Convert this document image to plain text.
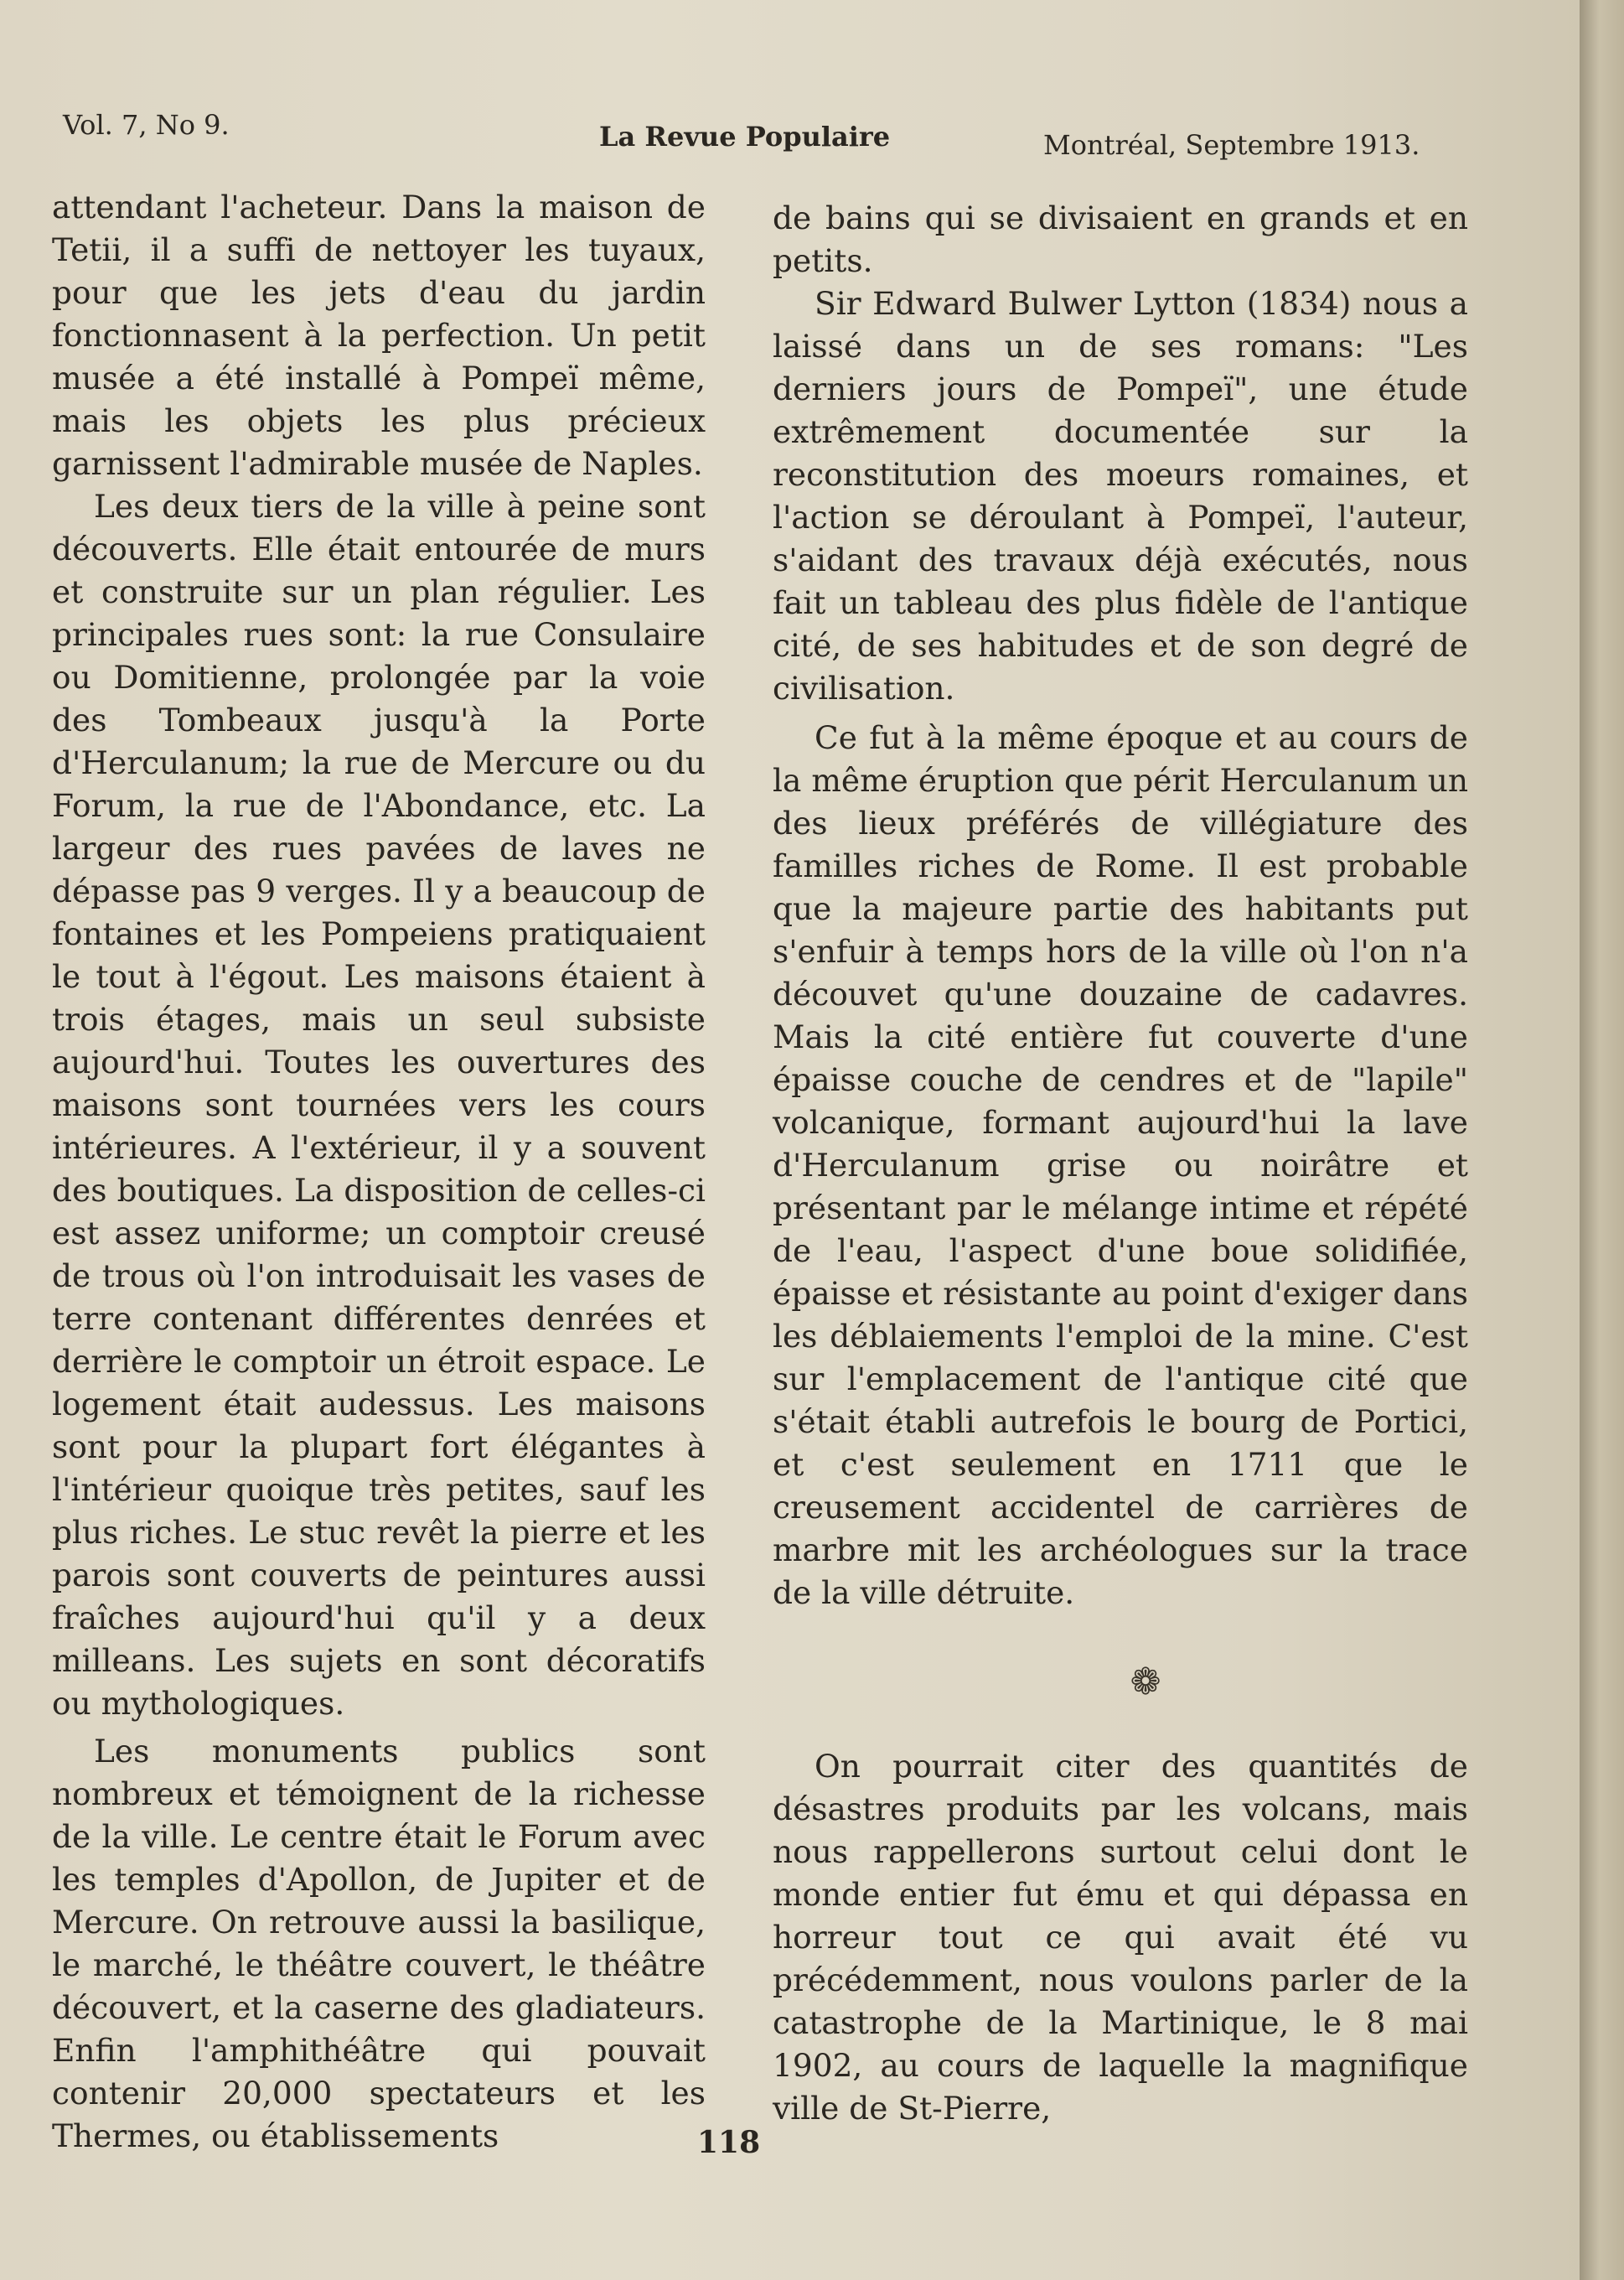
Vol. 7, No 9.	La Revue Populaire	Montréal, Septembre 1913.

attendant l'acheteur. Dans la maison de Tetii, il a suffi de nettoyer les tuyaux, pour que les jets d'eau du jardin fonctionnasent à la perfection. Un petit musée a été installé à Pompeï même, mais les objets les plus précieux garnissent l'admirable musée de Naples.

Les deux tiers de la ville à peine sont découverts. Elle était entourée de murs et construite sur un plan régulier. Les principales rues sont: la rue Consulaire ou Domitienne, prolongée par la voie des Tombeaux jusqu'à la Porte d'Herculanum; la rue de Mercure ou du Forum, la rue de l'Abondance, etc. La largeur des rues pavées de laves ne dépasse pas 9 verges. Il y a beaucoup de fontaines et les Pompeiens pratiquaient le tout à l'égout. Les maisons étaient à trois étages, mais un seul subsiste aujourd'hui. Toutes les ouvertures des maisons sont tournées vers les cours intérieures. A l'extérieur, il y a souvent des boutiques. La disposition de celles-ci est assez uniforme; un comptoir creusé de trous où l'on introduisait les vases de terre contenant différentes denrées et derrière le comptoir un étroit espace. Le logement était audessus. Les maisons sont pour la plupart fort élégantes à l'intérieur quoique très petites, sauf les plus riches. Le stuc revêt la pierre et les parois sont couverts de peintures aussi fraîches aujourd'hui qu'il y a deux milleans. Les sujets en sont décoratifs ou mythologiques.

Les monuments publics sont nombreux et témoignent de la richesse de la ville. Le centre était le Forum avec les temples d'Apollon, de Jupiter et de Mercure. On retrouve aussi la basilique, le marché, le théâtre couvert, le théâtre découvert, et la caserne des gladiateurs. Enfin l'amphithéâtre qui pouvait contenir 20,000 spectateurs et les Thermes, ou établissements

de bains qui se divisaient en grands et en petits.

Sir Edward Bulwer Lytton (1834) nous a laissé dans un de ses romans: "Les derniers jours de Pompeï", une étude extrêmement documentée sur la reconstitution des moeurs romaines, et l'action se déroulant à Pompeï, l'auteur, s'aidant des travaux déjà exécutés, nous fait un tableau des plus fidèle de l'antique cité, de ses habitudes et de son degré de civilisation.

Ce fut à la même époque et au cours de la même éruption que périt Herculanum un des lieux préférés de villégiature des familles riches de Rome. Il est probable que la majeure partie des habitants put s'enfuir à temps hors de la ville où l'on n'a découvet qu'une douzaine de cadavres. Mais la cité entière fut couverte d'une épaisse couche de cendres et de "lapile" volcanique, formant aujourd'hui la lave d'Herculanum grise ou noirâtre et présentant par le mélange intime et répété de l'eau, l'aspect d'une boue solidifiée, épaisse et résistante au point d'exiger dans les déblaiements l'emploi de la mine. C'est sur l'emplacement de l'antique cité que s'était établi autrefois le bourg de Portici, et c'est seulement en 1711 que le creusement accidentel de carrières de marbre mit les archéologues sur la trace de la ville détruite.

❁

On pourrait citer des quantités de désastres produits par les volcans, mais nous rappellerons surtout celui dont le monde entier fut ému et qui dépassa en horreur tout ce qui avait été vu précédemment, nous voulons parler de la catastrophe de la Martinique, le 8 mai 1902, au cours de laquelle la magnifique ville de St-Pierre,

118
